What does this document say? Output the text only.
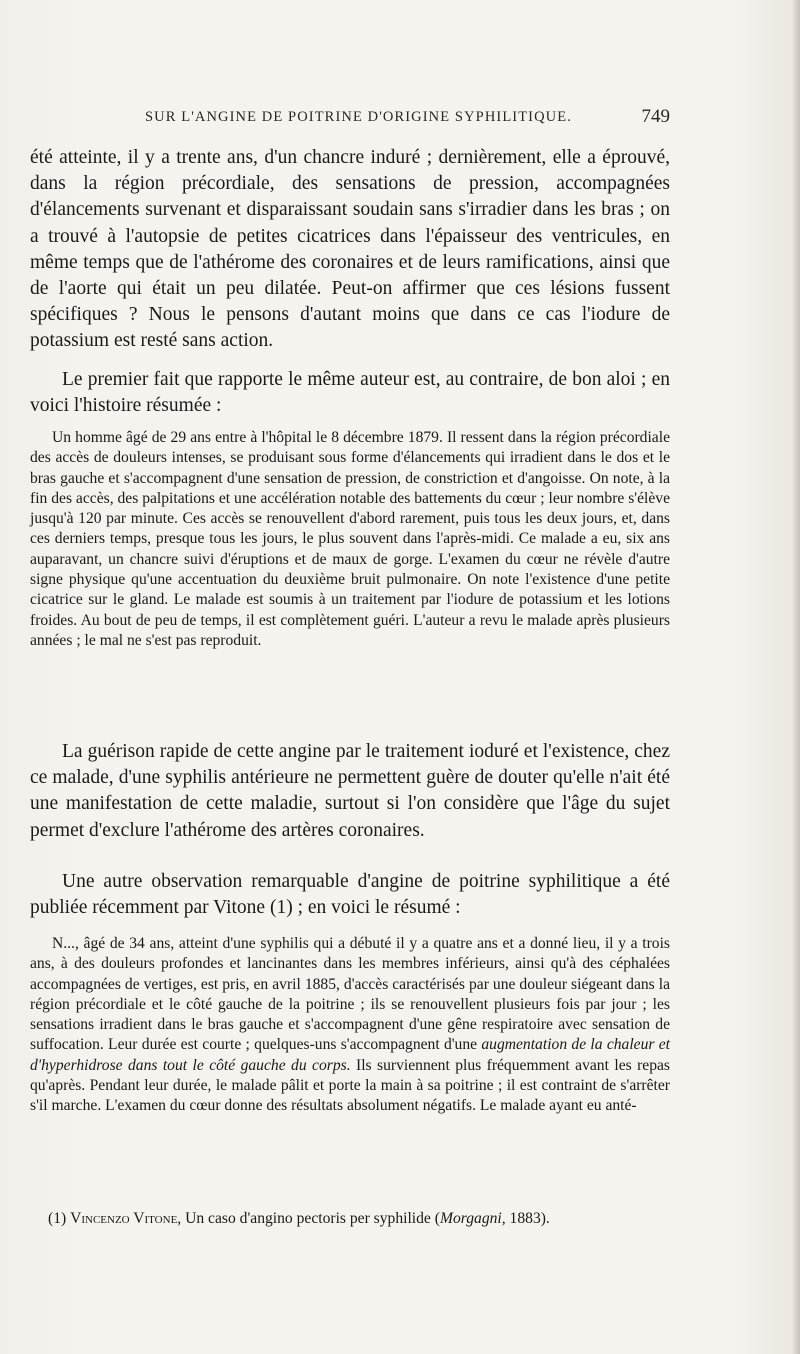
SUR L'ANGINE DE POITRINE D'ORIGINE SYPHILITIQUE.	749

été atteinte, il y a trente ans, d'un chancre induré ; dernièrement, elle a éprouvé, dans la région précordiale, des sensations de pression, accompagnées d'élancements survenant et disparaissant soudain sans s'irradier dans les bras ; on a trouvé à l'autopsie de petites cicatrices dans l'épaisseur des ventricules, en même temps que de l'athérome des coronaires et de leurs ramifications, ainsi que de l'aorte qui était un peu dilatée. Peut-on affirmer que ces lésions fussent spécifiques ? Nous le pensons d'autant moins que dans ce cas l'iodure de potassium est resté sans action.

Le premier fait que rapporte le même auteur est, au contraire, de bon aloi ; en voici l'histoire résumée :

Un homme âgé de 29 ans entre à l'hôpital le 8 décembre 1879. Il ressent dans la région précordiale des accès de douleurs intenses, se produisant sous forme d'élancements qui irradient dans le dos et le bras gauche et s'accompagnent d'une sensation de pression, de constriction et d'angoisse. On note, à la fin des accès, des palpitations et une accélération notable des battements du cœur ; leur nombre s'élève jusqu'à 120 par minute. Ces accès se renouvellent d'abord rarement, puis tous les deux jours, et, dans ces derniers temps, presque tous les jours, le plus souvent dans l'après-midi. Ce malade a eu, six ans auparavant, un chancre suivi d'éruptions et de maux de gorge. L'examen du cœur ne révèle d'autre signe physique qu'une accentuation du deuxième bruit pulmonaire. On note l'existence d'une petite cicatrice sur le gland. Le malade est soumis à un traitement par l'iodure de potassium et les lotions froides. Au bout de peu de temps, il est complètement guéri. L'auteur a revu le malade après plusieurs années ; le mal ne s'est pas reproduit.

La guérison rapide de cette angine par le traitement ioduré et l'existence, chez ce malade, d'une syphilis antérieure ne permettent guère de douter qu'elle n'ait été une manifestation de cette maladie, surtout si l'on considère que l'âge du sujet permet d'exclure l'athérome des artères coronaires.

Une autre observation remarquable d'angine de poitrine syphilitique a été publiée récemment par Vitone (1) ; en voici le résumé :

N..., âgé de 34 ans, atteint d'une syphilis qui a débuté il y a quatre ans et a donné lieu, il y a trois ans, à des douleurs profondes et lancinantes dans les membres inférieurs, ainsi qu'à des céphalées accompagnées de vertiges, est pris, en avril 1885, d'accès caractérisés par une douleur siégeant dans la région précordiale et le côté gauche de la poitrine ; ils se renouvellent plusieurs fois par jour ; les sensations irradient dans le bras gauche et s'accompagnent d'une gêne respiratoire avec sensation de suffocation. Leur durée est courte ; quelques-uns s'accompagnent d'une augmentation de la chaleur et d'hyperhidrose dans tout le côté gauche du corps. Ils surviennent plus fréquemment avant les repas qu'après. Pendant leur durée, le malade pâlit et porte la main à sa poitrine ; il est contraint de s'arrêter s'il marche. L'examen du cœur donne des résultats absolument négatifs. Le malade ayant eu anté-

(1) Vincenzo Vitone, Un caso d'angino pectoris per syphilide (Morgagni, 1883).
